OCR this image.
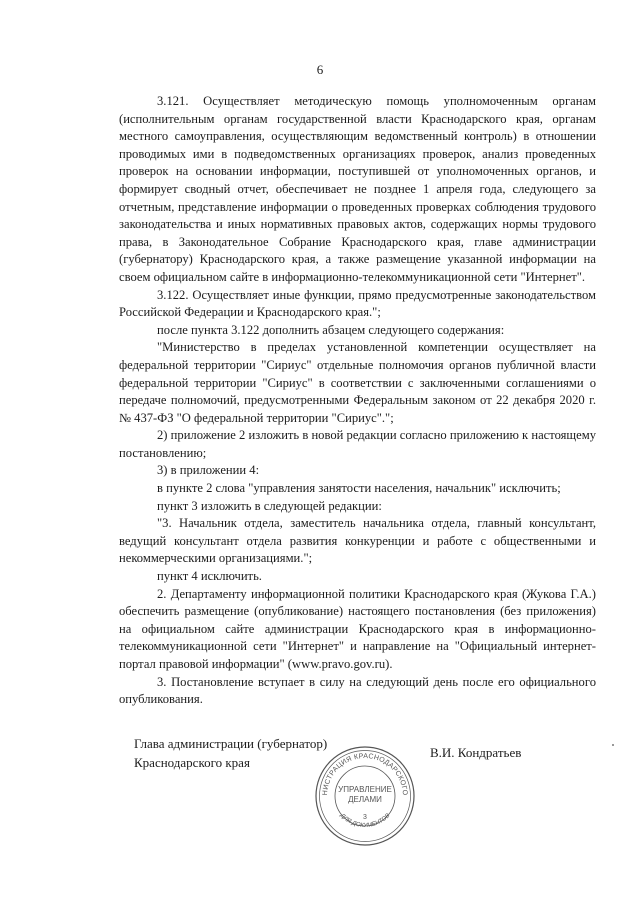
6

3.121. Осуществляет методическую помощь уполномоченным органам (исполнительным органам государственной власти Краснодарского края, органам местного самоуправления, осуществляющим ведомственный контроль) в отношении проводимых ими в подведомственных организациях проверок, анализ проведенных проверок на основании информации, поступившей от уполномоченных органов, и формирует сводный отчет, обеспечивает не позднее 1 апреля года, следующего за отчетным, представление информации о проведенных проверках соблюдения трудового законодательства и иных нормативных правовых актов, содержащих нормы трудового права, в Законодательное Собрание Краснодарского края, главе администрации (губернатору) Краснодарского края, а также размещение указанной информации на своем официальном сайте в информационно-телекоммуникационной сети "Интернет".

3.122. Осуществляет иные функции, прямо предусмотренные законодательством Российской Федерации и Краснодарского края.";

после пункта 3.122 дополнить абзацем следующего содержания:

"Министерство в пределах установленной компетенции осуществляет на федеральной территории "Сириус" отдельные полномочия органов публичной власти федеральной территории "Сириус" в соответствии с заключенными соглашениями о передаче полномочий, предусмотренными Федеральным законом от 22 декабря 2020 г. № 437-ФЗ "О федеральной территории "Сириус".";

2) приложение 2 изложить в новой редакции согласно приложению к настоящему постановлению;

3) в приложении 4:

в пункте 2 слова "управления занятости населения, начальник" исключить;

пункт 3 изложить в следующей редакции:

"3. Начальник отдела, заместитель начальника отдела, главный консультант, ведущий консультант отдела развития конкуренции и работе с общественными и некоммерческими организациями.";

пункт 4 исключить.

2. Департаменту информационной политики Краснодарского края (Жукова Г.А.) обеспечить размещение (опубликование) настоящего постановления (без приложения) на официальном сайте администрации Краснодарского края в информационно-телекоммуникационной сети "Интернет" и направление на "Официальный интернет-портал правовой информации" (www.pravo.gov.ru).

3. Постановление вступает в силу на следующий день после его официального опубликования.

Глава администрации (губернатор)
Краснодарского края
НИСТРАЦИЯ КРАСНОДАРСКОГО
ДЛЯ ДОКУМЕНТОВ
УПРАВЛЕНИЕ
ДЕЛАМИ
3
В.И. Кондратьев
